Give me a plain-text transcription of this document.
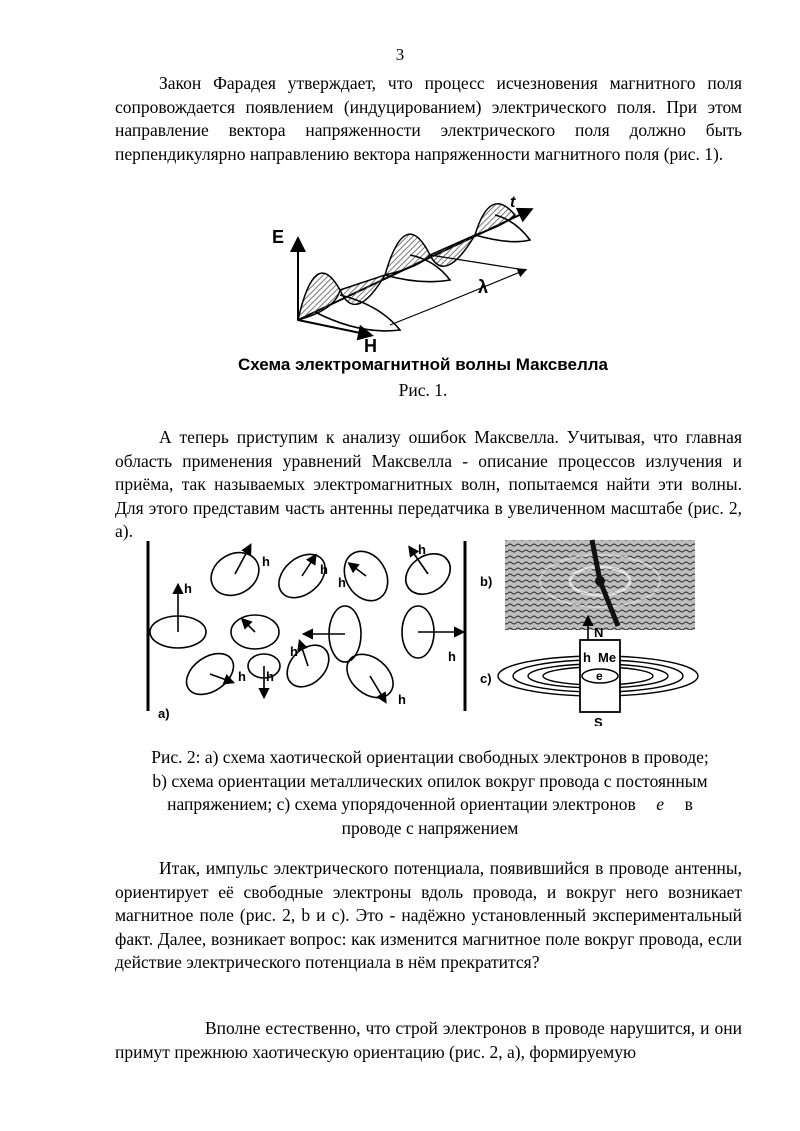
3

Закон Фарадея утверждает, что процесс исчезновения магнитного поля сопровождается появлением (индуцированием) электрического поля. При этом направление вектора напряженности электрического поля должно быть перпендикулярно направлению вектора напряженности магнитного поля (рис. 1).

E
H
t
λ
Схема электромагнитной волны Максвелла
Рис. 1.

А теперь приступим к анализу ошибок Максвелла. Учитывая, что главная область применения уравнений Максвелла - описание процессов излучения и приёма, так называемых электромагнитных волн, попытаемся найти эти волны. Для этого представим часть антенны передатчика в увеличенном масштабе (рис. 2, а).

h
h
h
h
h
h h
h	h
h
a)
b)
N
S
h Me
e
c)
Рис. 2: а) схема хаотической ориентации свободных электронов в проводе;
b) схема ориентации металлических опилок вокруг провода с постоянным
напряжением; с) схема упорядоченной ориентации электронов e в
проводе с напряжением

Итак, импульс электрического потенциала, появившийся в проводе антенны, ориентирует её свободные электроны вдоль провода, и вокруг него возникает магнитное поле (рис. 2, b и с). Это - надёжно установленный экспериментальный факт. Далее, возникает вопрос: как изменится магнитное поле вокруг провода, если действие электрического потенциала в нём прекратится?

Вполне естественно, что строй электронов в проводе нарушится, и они примут прежнюю хаотическую ориентацию (рис. 2, а), формируемую
